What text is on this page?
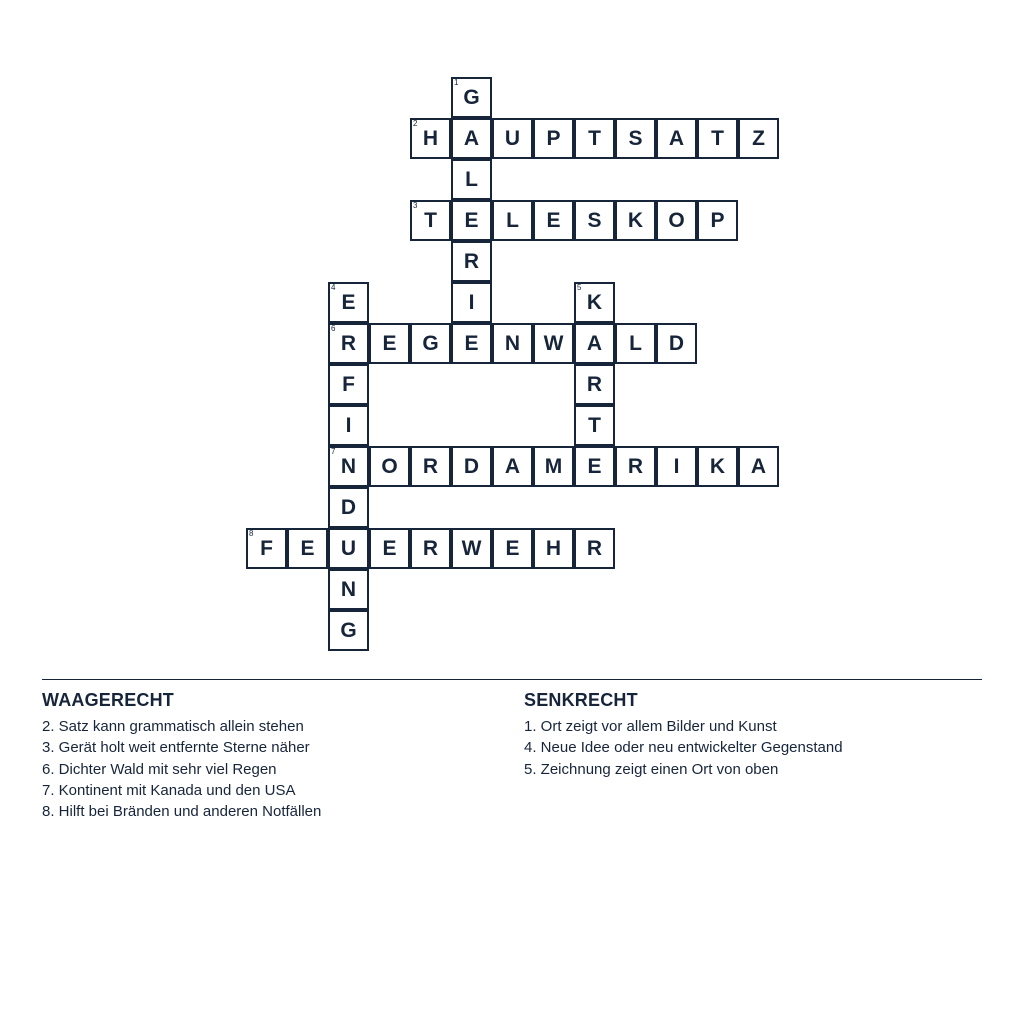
1
G
A
L
E
R
I
E
2
H	U	P	T	S	A	T	Z
3
T	L	E	S	K	O	P
4
E
6
R
F
I
7
N
D
U
N
G
5
K
A
R
T
E
E	G	N	W	L	D
O	R	D	A	M	R	I	K	A
8
F	E	E	R	W	E	H	R
WAAGERECHT
2. Satz kann grammatisch allein stehen
3. Gerät holt weit entfernte Sterne näher
6. Dichter Wald mit sehr viel Regen
7. Kontinent mit Kanada und den USA
8. Hilft bei Bränden und anderen Notfällen
SENKRECHT
1. Ort zeigt vor allem Bilder und Kunst
4. Neue Idee oder neu entwickelter Gegenstand
5. Zeichnung zeigt einen Ort von oben
